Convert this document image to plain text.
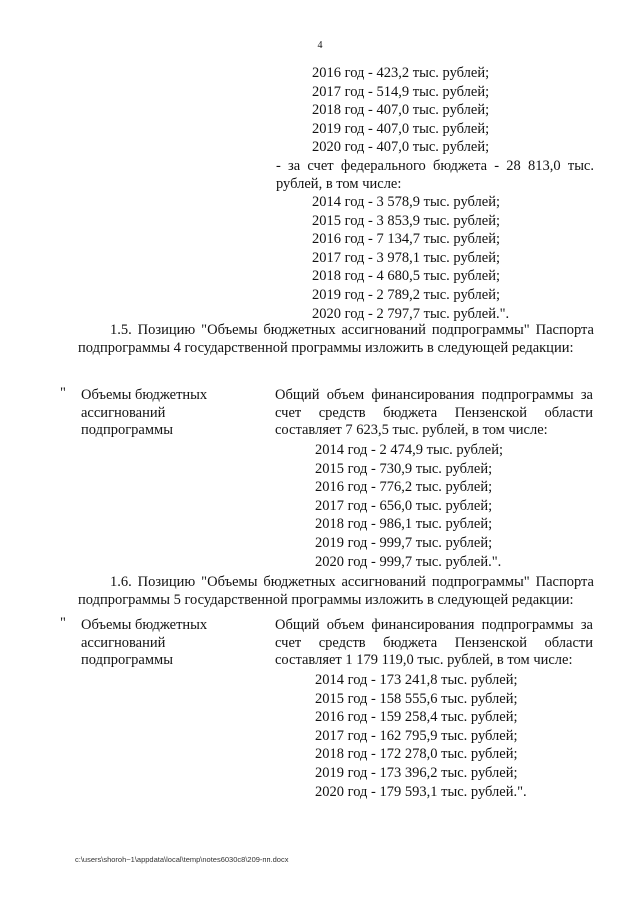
4
2016 год - 423,2 тыс. рублей;
2017 год - 514,9 тыс. рублей;
2018 год - 407,0 тыс. рублей;
2019 год - 407,0 тыс. рублей;
2020 год - 407,0 тыс. рублей;
- за счет федерального бюджета - 28 813,0 тыс. рублей, в том числе:
2014 год - 3 578,9 тыс. рублей;
2015 год - 3 853,9 тыс. рублей;
2016 год - 7 134,7 тыс. рублей;
2017 год - 3 978,1 тыс. рублей;
2018 год - 4 680,5 тыс. рублей;
2019 год - 2 789,2 тыс. рублей;
2020 год - 2 797,7 тыс. рублей.".
1.5. Позицию "Объемы бюджетных ассигнований подпрограммы" Паспорта подпрограммы 4 государственной программы изложить в следующей редакции:
" Объемы бюджетных ассигнований подпрограммы
Общий объем финансирования подпрограммы за счет средств бюджета Пензенской области составляет 7 623,5 тыс. рублей, в том числе:
2014 год - 2 474,9 тыс. рублей;
2015 год - 730,9 тыс. рублей;
2016 год - 776,2 тыс. рублей;
2017 год - 656,0 тыс. рублей;
2018 год - 986,1 тыс. рублей;
2019 год - 999,7 тыс. рублей;
2020 год - 999,7 тыс. рублей.".
1.6. Позицию "Объемы бюджетных ассигнований подпрограммы" Паспорта подпрограммы 5 государственной программы изложить в следующей редакции:
" Объемы бюджетных ассигнований подпрограммы
Общий объем финансирования подпрограммы за счет средств бюджета Пензенской области составляет 1 179 119,0 тыс. рублей, в том числе:
2014 год - 173 241,8 тыс. рублей;
2015 год - 158 555,6 тыс. рублей;
2016 год - 159 258,4 тыс. рублей;
2017 год - 162 795,9 тыс. рублей;
2018 год - 172 278,0 тыс. рублей;
2019 год - 173 396,2 тыс. рублей;
2020 год - 179 593,1 тыс. рублей.".
c:\users\shoroh~1\appdata\local\temp\notes6030c8\209-пп.docx
